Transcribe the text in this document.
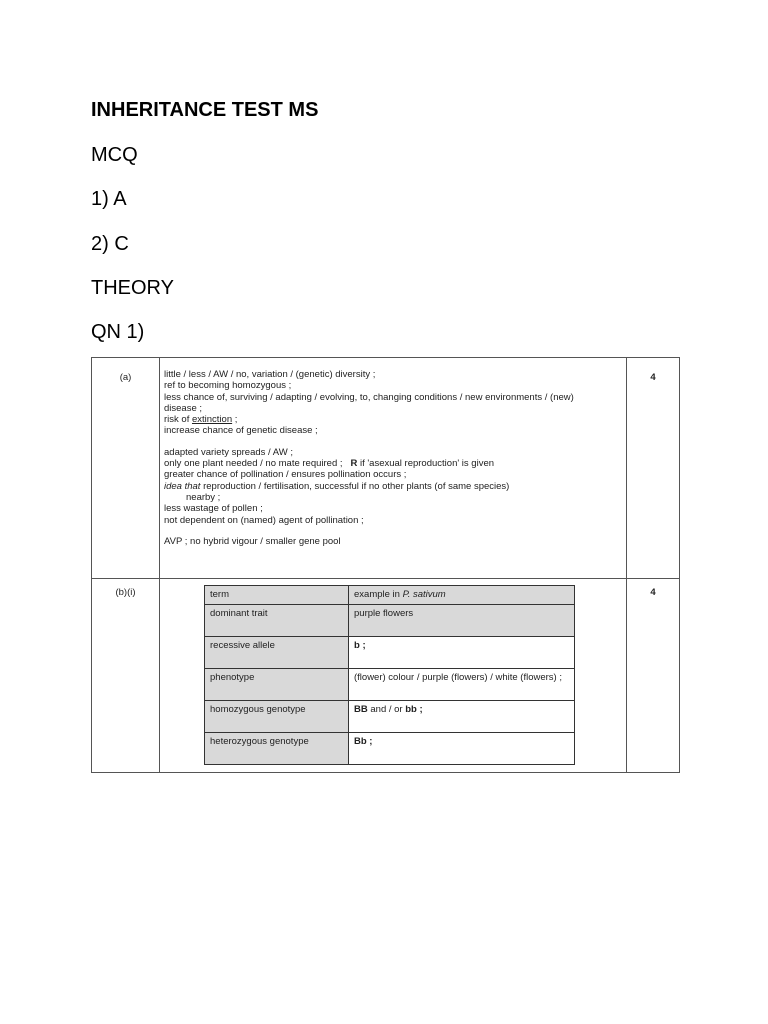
INHERITANCE TEST MS
MCQ
1) A
2) C
THEORY
QN 1)
(a)	little / less / AW / no, variation / (genetic) diversity ;
ref to becoming homozygous ;
less chance of, surviving / adapting / evolving, to, changing conditions / new environments / (new)
disease ;
risk of extinction ;
increase chance of genetic disease ;
adapted variety spreads / AW ;
only one plant needed / no mate required ; R if 'asexual reproduction' is given
greater chance of pollination / ensures pollination occurs ;
idea that reproduction / fertilisation, successful if no other plants (of same species)
nearby ;
less wastage of pollen ;
not dependent on (named) agent of pollination ;
AVP ; no hybrid vigour / smaller gene pool
	4
(b)(i)		term	example in P. sativum
dominant trait	purple flowers
recessive allele	b ;
phenotype	(flower) colour / purple (flowers) / white (flowers) ;
homozygous genotype	BB and / or bb ;
heterozygous genotype	Bb ;
	4
